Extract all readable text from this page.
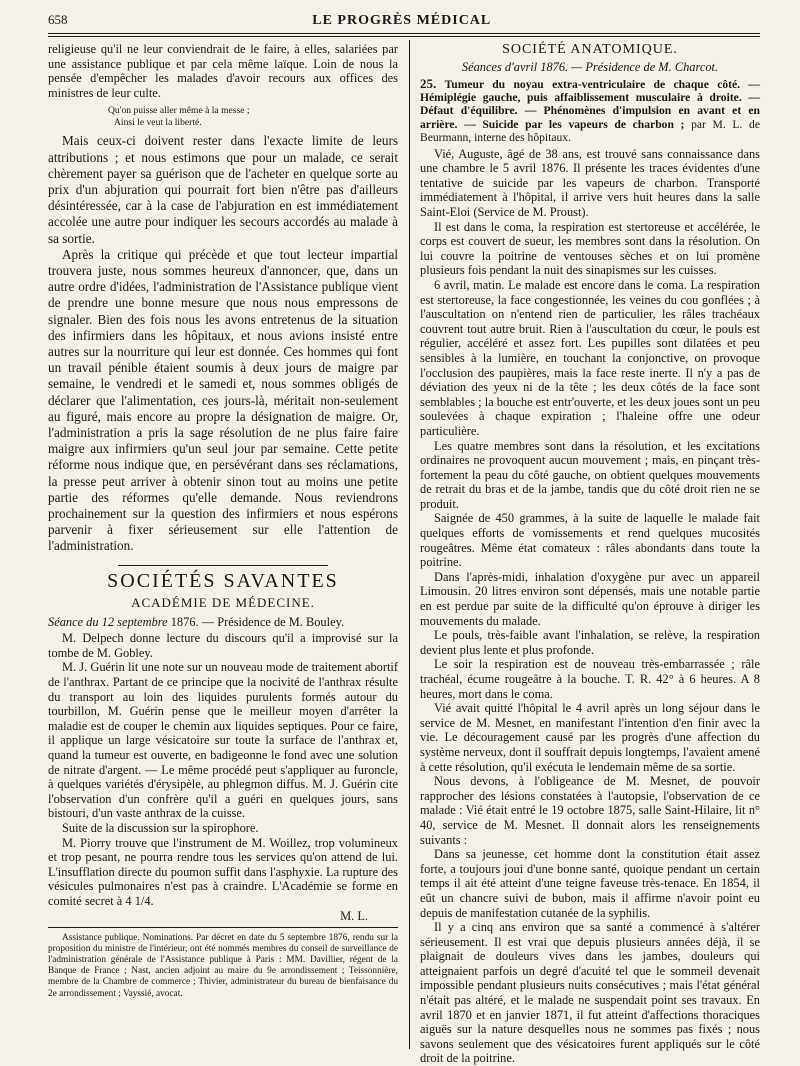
658	LE PROGRÈS MÉDICAL

religieuse qu'il ne leur conviendrait de le faire, à elles, salariées par une assistance publique et par cela même laïque. Loin de nous la pensée d'empêcher les malades d'avoir recours aux offices des ministres de leur culte.

Qu'on puisse aller même à la messe ;
Ainsi le veut la liberté.

Mais ceux-ci doivent rester dans l'exacte limite de leurs attributions ; et nous estimons que pour un malade, ce serait chèrement payer sa guérison que de l'acheter en quelque sorte au prix d'un abjuration qui pourrait fort bien n'être pas d'ailleurs désintéressée, car à la case de l'abjuration en est immédiatement accolée une autre pour indiquer les secours accordés au malade à sa sortie.

Après la critique qui précède et que tout lecteur impartial trouvera juste, nous sommes heureux d'annoncer, que, dans un autre ordre d'idées, l'administration de l'Assistance publique vient de prendre une bonne mesure que nous nous empressons de signaler. Bien des fois nous les avons entretenus de la situation des infirmiers dans les hôpitaux, et nous avions insisté entre autres sur la nourriture qui leur est donnée. Ces hommes qui font un travail pénible étaient soumis à deux jours de maigre par semaine, le vendredi et le samedi et, nous sommes obligés de déclarer que l'alimentation, ces jours-là, méritait non-seulement au figuré, mais encore au propre la désignation de maigre. Or, l'administration a pris la sage résolution de ne plus faire faire maigre aux infirmiers qu'un seul jour par semaine. Cette petite réforme nous indique que, en persévérant dans ses réclamations, la presse peut arriver à obtenir sinon tout au moins une petite partie des réformes qu'elle demande. Nous reviendrons prochainement sur la question des infirmiers et nous espérons parvenir à fixer sérieusement sur elle l'attention de l'administration.

SOCIÉTÉS SAVANTES
ACADÉMIE DE MÉDECINE.
Séance du 12 septembre 1876. — Présidence de M. Bouley.

M. Delpech donne lecture du discours qu'il a improvisé sur la tombe de M. Gobley.

M. J. Guérin lit une note sur un nouveau mode de traitement abortif de l'anthrax. Partant de ce principe que la nocivité de l'anthrax résulte du transport au loin des liquides purulents formés autour du tourbillon, M. Guérin pense que le meilleur moyen d'arrêter la maladie est de couper le chemin aux liquides septiques. Pour ce faire, il applique un large vésicatoire sur toute la surface de l'anthrax et, quand la tumeur est ouverte, en badigeonne le fond avec une solution de nitrate d'argent. — Le même procédé peut s'appliquer au furoncle, à quelques variétés d'érysipèle, au phlegmon diffus. M. J. Guérin cite l'observation d'un confrère qu'il a guéri en quelques jours, sans bistouri, d'un vaste anthrax de la cuisse.

Suite de la discussion sur la spirophore.

M. Piorry trouve que l'instrument de M. Woillez, trop volumineux et trop pesant, ne pourra rendre tous les services qu'on attend de lui. L'insufflation directe du poumon suffit dans l'asphyxie. La rupture des vésicules pulmonaires n'est pas à craindre. L'Académie se forme en comité secret à 4 1/4.

M. L.

Assistance publique. Nominations. Par décret en date du 5 septembre 1876, rendu sur la proposition du ministre de l'intérieur, ont été nommés membres du conseil de surveillance de l'administration générale de l'Assistance publique à Paris : MM. Davillier, régent de la Banque de France ; Nast, ancien adjoint au maire du 9e arrondissement ; Teissonnière, membre de la Chambre de commerce ; Thivier, administrateur du bureau de bienfaisance du 2e arrondissement ; Vayssié, avocat.

SOCIÉTÉ ANATOMIQUE.
Séances d'avril 1876. — Présidence de M. Charcot.
25. Tumeur du noyau extra-ventriculaire de chaque côté. — Hémiplégie gauche, puis affaiblissement musculaire à droite. — Défaut d'équilibre. — Phénomènes d'impulsion en avant et en arrière. — Suicide par les vapeurs de charbon ; par M. L. de Beurmann, interne des hôpitaux.

Vié, Auguste, âgé de 38 ans, est trouvé sans connaissance dans une chambre le 5 avril 1876. Il présente les traces évidentes d'une tentative de suicide par les vapeurs de charbon. Transporté immédiatement à l'hôpital, il arrive vers huit heures dans la salle Saint-Eloi (Service de M. Proust).

Il est dans le coma, la respiration est stertoreuse et accélérée, le corps est couvert de sueur, les membres sont dans la résolution. On lui couvre la poitrine de ventouses sèches et on lui promène plusieurs fois pendant la nuit des sinapismes sur les cuisses.

6 avril, matin. Le malade est encore dans le coma. La respiration est stertoreuse, la face congestionnée, les veines du cou gonflées ; à l'auscultation on n'entend rien de particulier, les râles trachéaux couvrent tout autre bruit. Rien à l'auscultation du cœur, le pouls est régulier, accéléré et assez fort. Les pupilles sont dilatées et peu sensibles à la lumière, en touchant la conjonctive, on provoque l'occlusion des paupières, mais la face reste inerte. Il n'y a pas de déviation des yeux ni de la tête ; les deux côtés de la face sont semblables ; la bouche est entr'ouverte, et les deux joues sont un peu soulevées à chaque expiration ; l'haleine offre une odeur particulière.

Les quatre membres sont dans la résolution, et les excitations ordinaires ne provoquent aucun mouvement ; mais, en pinçant très-fortement la peau du côté gauche, on obtient quelques mouvements de retrait du bras et de la jambe, tandis que du côté droit rien ne se produit.

Saignée de 450 grammes, à la suite de laquelle le malade fait quelques efforts de vomissements et rend quelques mucosités rougeâtres. Même état comateux : râles abondants dans toute la poitrine.

Dans l'après-midi, inhalation d'oxygène pur avec un appareil Limousin. 20 litres environ sont dépensés, mais une notable partie en est perdue par suite de la difficulté qu'on éprouve à diriger les mouvements du malade.

Le pouls, très-faible avant l'inhalation, se relève, la respiration devient plus lente et plus profonde.

Le soir la respiration est de nouveau très-embarrassée ; râle trachéal, écume rougeâtre à la bouche. T. R. 42° à 6 heures. A 8 heures, mort dans le coma.

Vié avait quitté l'hôpital le 4 avril après un long séjour dans le service de M. Mesnet, en manifestant l'intention d'en finir avec la vie. Le découragement causé par les progrès d'une affection du système nerveux, dont il souffrait depuis longtemps, l'avaient amené à cette résolution, qu'il exécuta le lendemain même de sa sortie.

Nous devons, à l'obligeance de M. Mesnet, de pouvoir rapprocher des lésions constatées à l'autopsie, l'observation de ce malade : Vié était entré le 19 octobre 1875, salle Saint-Hilaire, lit n° 40, service de M. Mesnet. Il donnait alors les renseignements suivants :

Dans sa jeunesse, cet homme dont la constitution était assez forte, a toujours joui d'une bonne santé, quoique pendant un certain temps il ait été atteint d'une teigne faveuse très-tenace. En 1854, il eût un chancre suivi de bubon, mais il affirme n'avoir point eu depuis de manifestation cutanée de la syphilis.

Il y a cinq ans environ que sa santé a commencé à s'altérer sérieusement. Il est vrai que depuis plusieurs années déjà, il se plaignait de douleurs vives dans les jambes, douleurs qui atteignaient parfois un degré d'acuité tel que le sommeil devenait impossible pendant plusieurs nuits consécutives ; mais l'état général n'était pas altéré, et le malade ne suspendait point ses travaux. En avril 1870 et en janvier 1871, il fut atteint d'affections thoraciques aiguës sur la nature desquelles nous ne sommes pas fixés ; nous savons seulement que des vésicatoires furent appliqués sur le côté droit de la poitrine.
